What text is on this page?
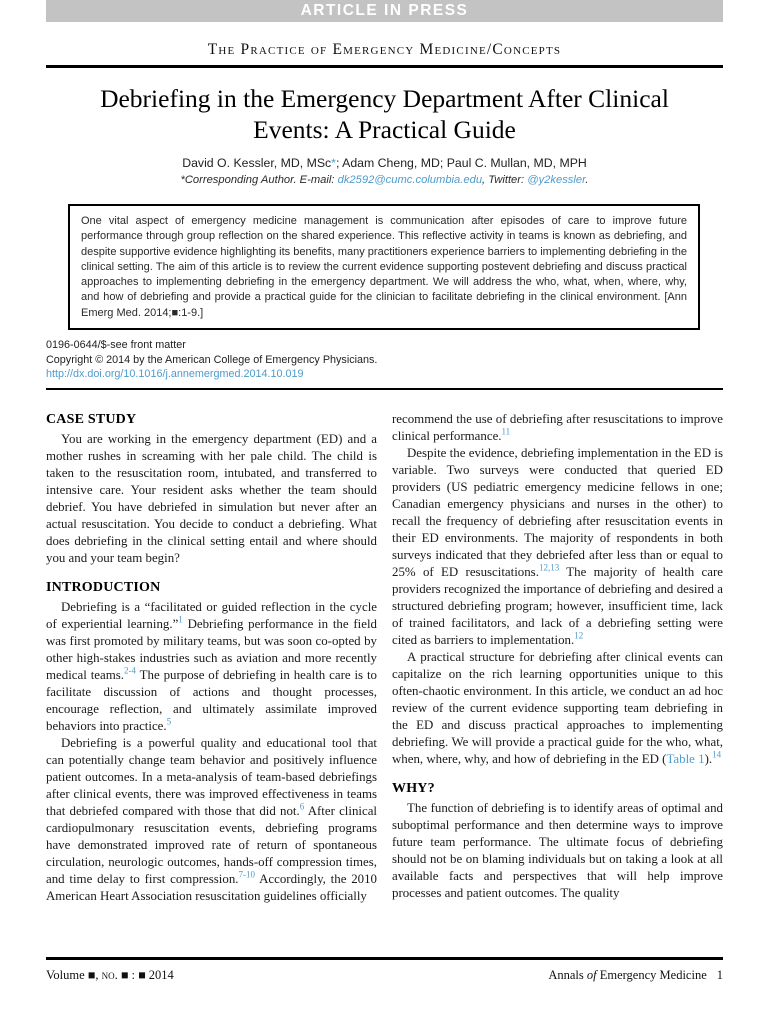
ARTICLE IN PRESS
The Practice of Emergency Medicine/Concepts
Debriefing in the Emergency Department After Clinical Events: A Practical Guide
David O. Kessler, MD, MSc*; Adam Cheng, MD; Paul C. Mullan, MD, MPH
*Corresponding Author. E-mail: dk2592@cumc.columbia.edu, Twitter: @y2kessler.
One vital aspect of emergency medicine management is communication after episodes of care to improve future performance through group reflection on the shared experience. This reflective activity in teams is known as debriefing, and despite supportive evidence highlighting its benefits, many practitioners experience barriers to implementing debriefing in the clinical setting. The aim of this article is to review the current evidence supporting postevent debriefing and discuss practical approaches to implementing debriefing in the emergency department. We will address the who, what, when, where, why, and how of debriefing and provide a practical guide for the clinician to facilitate debriefing in the clinical environment. [Ann Emerg Med. 2014;■:1-9.]
0196-0644/$-see front matter
Copyright © 2014 by the American College of Emergency Physicians.
http://dx.doi.org/10.1016/j.annemergmed.2014.10.019
CASE STUDY

You are working in the emergency department (ED) and a mother rushes in screaming with her pale child. The child is taken to the resuscitation room, intubated, and transferred to intensive care. Your resident asks whether the team should debrief. You have debriefed in simulation but never after an actual resuscitation. You decide to conduct a debriefing. What does debriefing in the clinical setting entail and where should you and your team begin?

INTRODUCTION

Debriefing is a “facilitated or guided reflection in the cycle of experiential learning.”$^1$ Debriefing performance in the field was first promoted by military teams, but was soon co-opted by other high-stakes industries such as aviation and more recently medical teams.$^{2-4}$ The purpose of debriefing in health care is to facilitate discussion of actions and thought processes, encourage reflection, and ultimately assimilate improved behaviors into practice.$^5$

Debriefing is a powerful quality and educational tool that can potentially change team behavior and positively influence patient outcomes. In a meta-analysis of team-based debriefings after clinical events, there was improved effectiveness in teams that debriefed compared with those that did not.$^6$ After clinical cardiopulmonary resuscitation events, debriefing programs have demonstrated improved rate of return of spontaneous circulation, neurologic outcomes, hands-off compression times, and time delay to first compression.$^{7-10}$ Accordingly, the 2010 American Heart Association resuscitation guidelines officially

recommend the use of debriefing after resuscitations to improve clinical performance.$^{11}$

Despite the evidence, debriefing implementation in the ED is variable. Two surveys were conducted that queried ED providers (US pediatric emergency medicine fellows in one; Canadian emergency physicians and nurses in the other) to recall the frequency of debriefing after resuscitation events in their ED environments. The majority of respondents in both surveys indicated that they debriefed after less than or equal to 25% of ED resuscitations.$^{12,13}$ The majority of health care providers recognized the importance of debriefing and desired a structured debriefing program; however, insufficient time, lack of trained facilitators, and lack of a debriefing setting were cited as barriers to implementation.$^{12}$

A practical structure for debriefing after clinical events can capitalize on the rich learning opportunities unique to this often-chaotic environment. In this article, we conduct an ad hoc review of the current evidence supporting team debriefing in the ED and discuss practical approaches to implementing debriefing. We will provide a practical guide for the who, what, when, where, why, and how of debriefing in the ED (Table 1).$^{14}$

WHY?

The function of debriefing is to identify areas of optimal and suboptimal performance and then determine ways to improve future team performance. The ultimate focus of debriefing should not be on blaming individuals but on taking a look at all available facts and perspectives that will help improve processes and patient outcomes. The quality

Volume ■, no. ■ : ■ 2014	Annals of Emergency Medicine 1
